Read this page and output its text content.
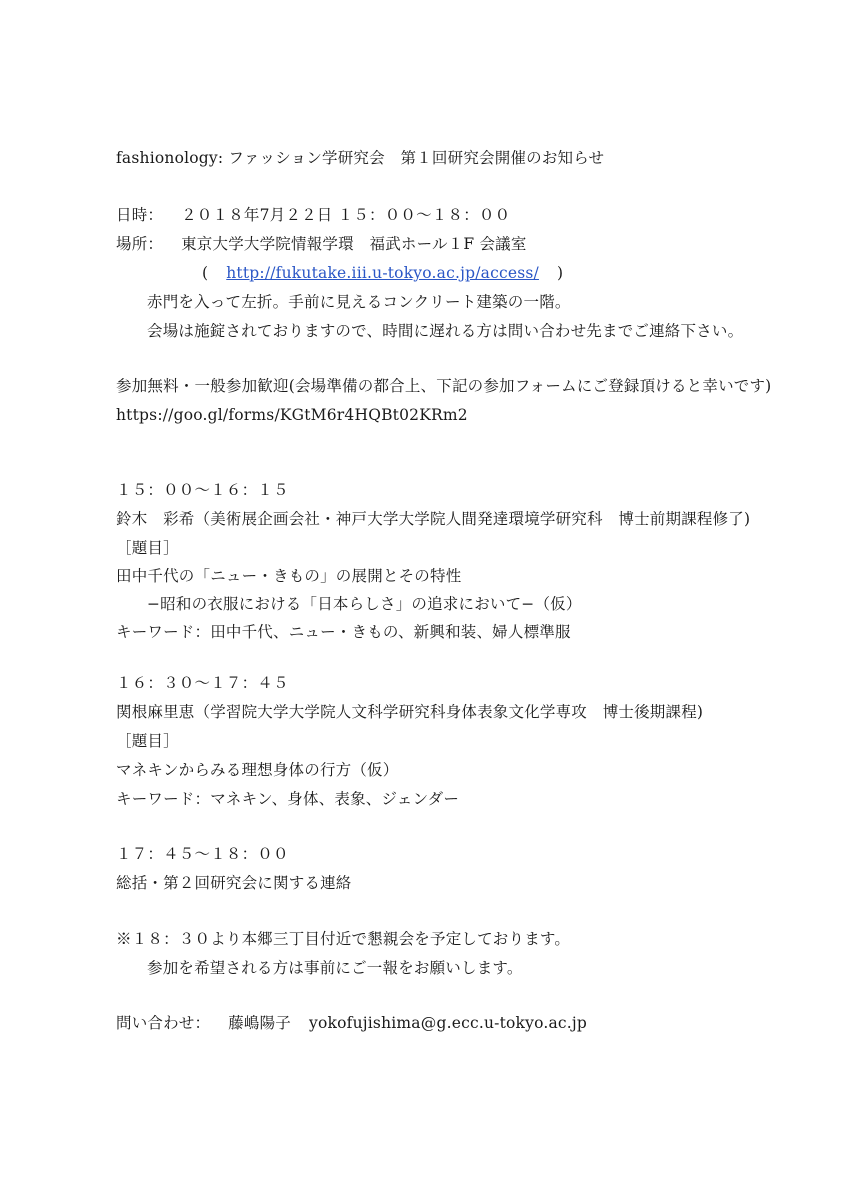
fashionology: ファッション学研究会　第１回研究会開催のお知らせ
日時： ２０１８年7月２２日 １５：００〜１８：００
場所： 東京大学大学院情報学環　福武ホール１F 会議室
( http://fukutake.iii.u-tokyo.ac.jp/access/ )
赤門を入って左折。手前に見えるコンクリート建築の一階。
会場は施錠されておりますので、時間に遅れる方は問い合わせ先までご連絡下さい。
参加無料・一般参加歓迎(会場準備の都合上、下記の参加フォームにご登録頂けると幸いです)
https://goo.gl/forms/KGtM6r4HQBt02KRm2
１５：００〜１６：１５
鈴木　彩希（美術展企画会社・神戸大学大学院人間発達環境学研究科　博士前期課程修了)
［題目］
田中千代の「ニュー・きもの」の展開とその特性
−昭和の衣服における「日本らしさ」の追求において−（仮）
キーワード：田中千代、ニュー・きもの、新興和装、婦人標準服
１６：３０〜１７：４５
関根麻里恵（学習院大学大学院人文科学研究科身体表象文化学専攻　博士後期課程)
［題目］
マネキンからみる理想身体の行方（仮）
キーワード：マネキン、身体、表象、ジェンダー
１７：４５〜１８：００
総括・第２回研究会に関する連絡
※１８：３０より本郷三丁目付近で懇親会を予定しております。
参加を希望される方は事前にご一報をお願いします。
問い合わせ： 藤嶋陽子 yokofujishima@g.ecc.u-tokyo.ac.jp
